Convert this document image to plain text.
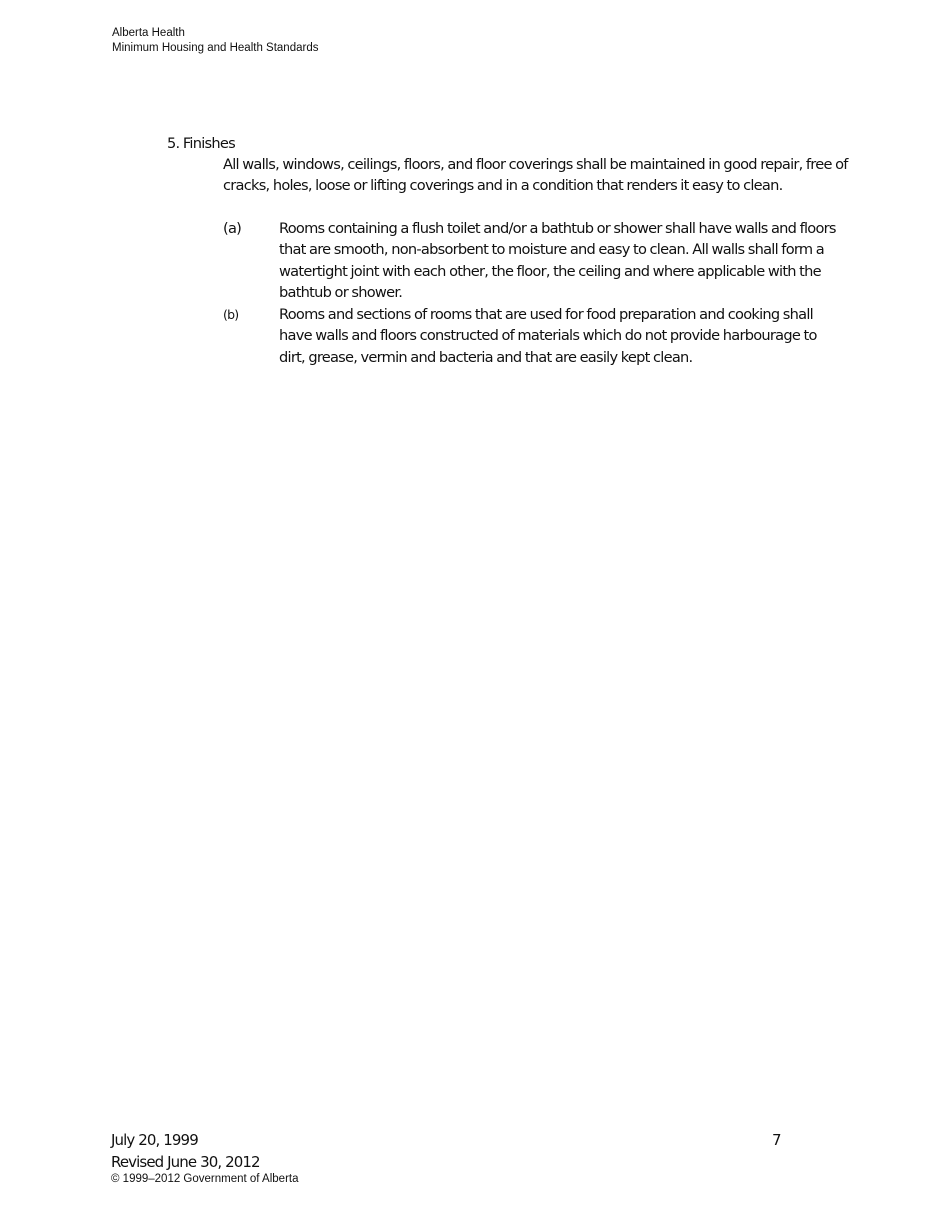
Alberta Health
Minimum Housing and Health Standards
5. Finishes
All walls, windows, ceilings, floors, and floor coverings shall be maintained in good repair, free of cracks, holes, loose or lifting coverings and in a condition that renders it easy to clean.
(a)	Rooms containing a flush toilet and/or a bathtub or shower shall have walls and floors that are smooth, non-absorbent to moisture and easy to clean. All walls shall form a watertight joint with each other, the floor, the ceiling and where applicable with the bathtub or shower.
(b)	Rooms and sections of rooms that are used for food preparation and cooking shall have walls and floors constructed of materials which do not provide harbourage to dirt, grease, vermin and bacteria and that are easily kept clean.
July 20, 1999
Revised June 30, 2012
© 1999–2012 Government of Alberta
7
